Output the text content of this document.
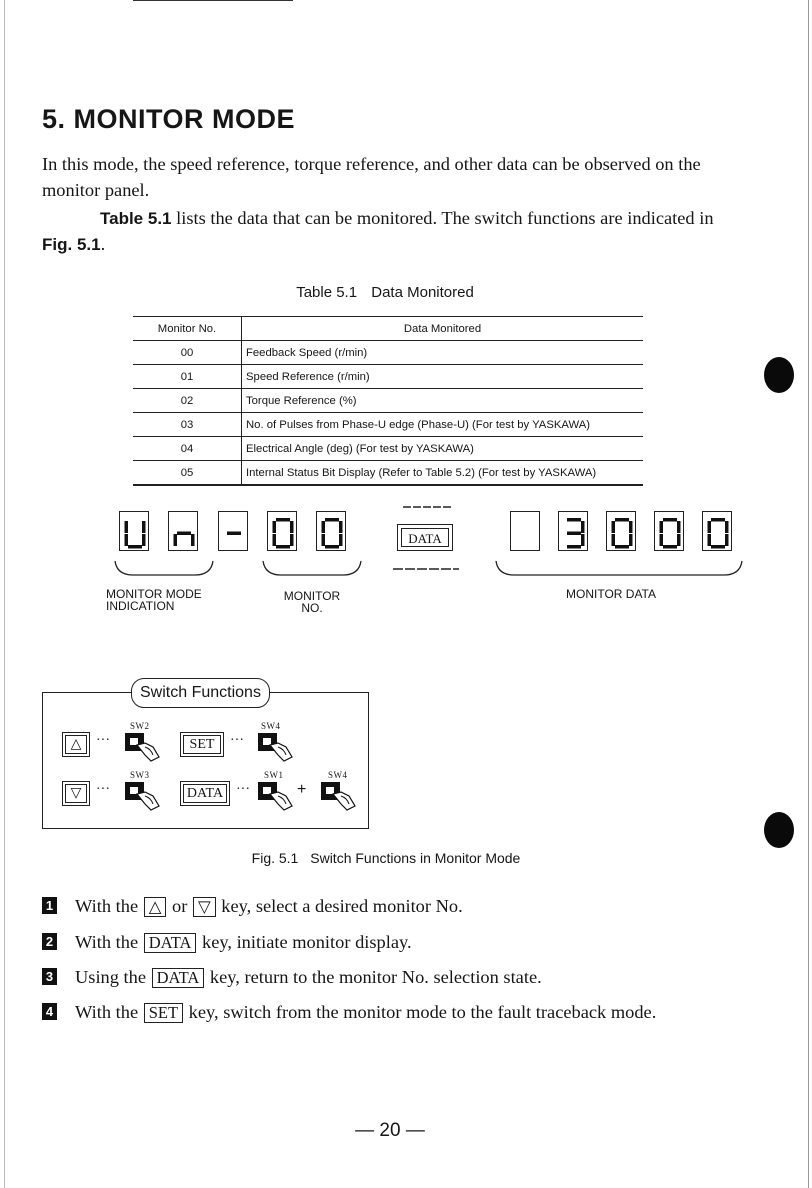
5. MONITOR MODE

In this mode, the speed reference, torque reference, and other data can be observed on the monitor panel.

Table 5.1 lists the data that can be monitored. The switch functions are indicated in Fig. 5.1.

Table 5.1 Data Monitored
Monitor No.	Data Monitored
00	Feedback Speed (r/min)
01	Speed Reference (r/min)
02	Torque Reference (%)
03	No. of Pulses from Phase-U edge (Phase-U) (For test by YASKAWA)
04	Electrical Angle (deg) (For test by YASKAWA)
05	Internal Status Bit Display (Refer to Table 5.2) (For test by YASKAWA)
DATA
MONITOR MODE
INDICATION
MONITOR
NO.
MONITOR DATA
Switch Functions
SW2	SW4
△	···	SET	···
SW3	SW1	SW4
▽	···	DATA ···	+
Fig. 5.1 Switch Functions in Monitor Mode
1 With the △ or ▽ key, select a desired monitor No.
2 With the DATA key, initiate monitor display.
3 Using the DATA key, return to the monitor No. selection state.
4 With the SET key, switch from the monitor mode to the fault traceback mode.
— 20 —
